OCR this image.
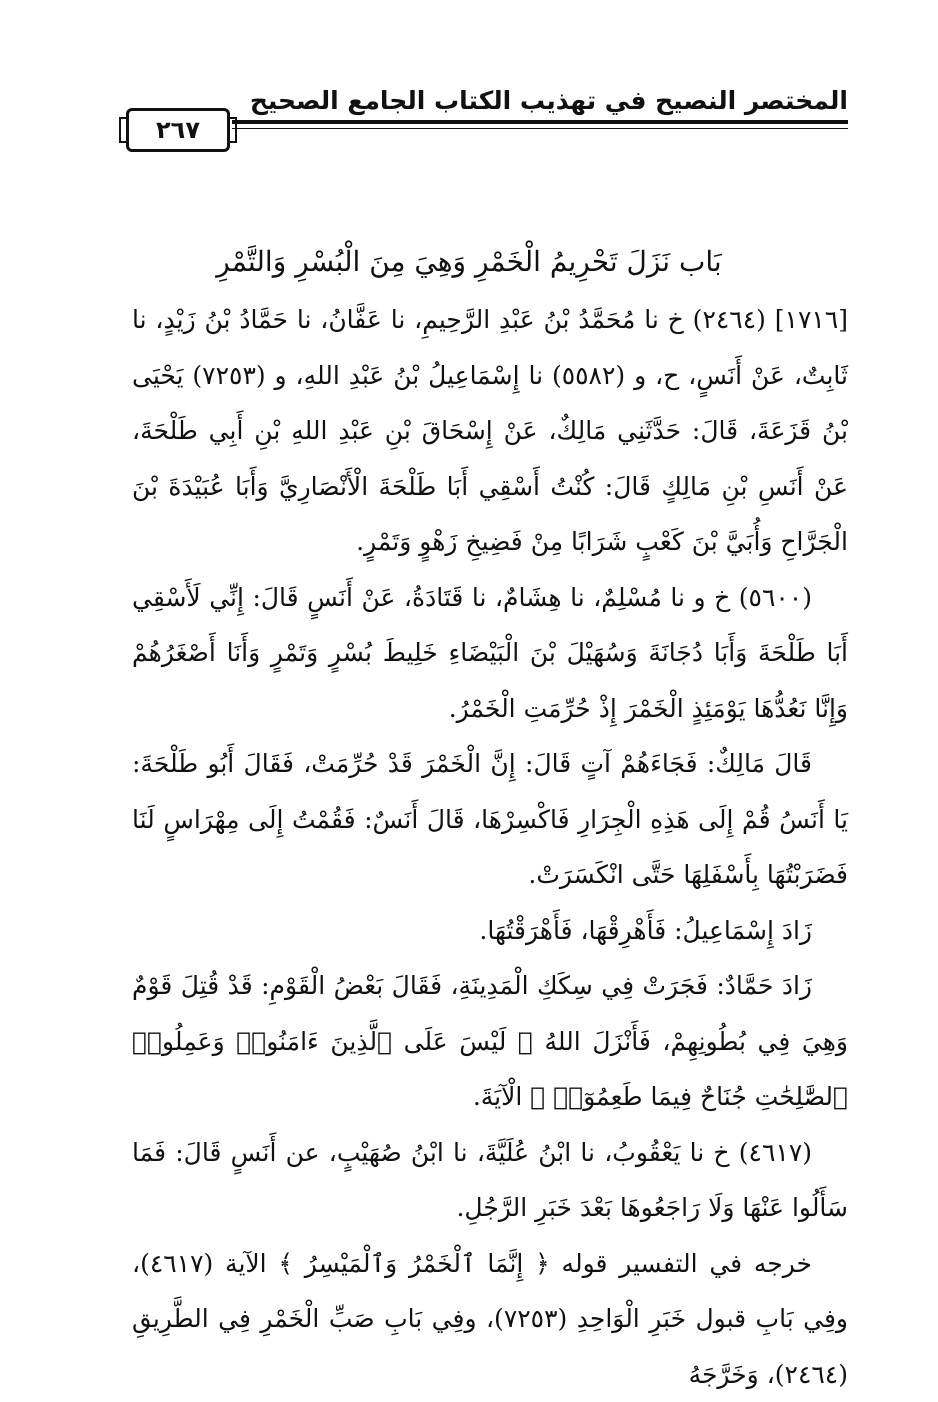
المختصر النصيح في تهذيب الكتاب الجامع الصحيح
٢٦٧
بَاب نَزَلَ تَحْرِيمُ الْخَمْرِ وَهِيَ مِنَ الْبُسْرِ وَالتَّمْرِ

[١٧١٦] (٢٤٦٤) خ نا مُحَمَّدُ بْنُ عَبْدِ الرَّحِيمِ، نا عَفَّانُ، نا حَمَّادُ بْنُ زَيْدٍ، نا ثَابِتٌ، عَنْ أَنَسٍ، ح، و (٥٥٨٢) نا إِسْمَاعِيلُ بْنُ عَبْدِ اللهِ، و (٧٢٥٣) يَحْيَى بْنُ قَزَعَةَ، قَالَ: حَدَّثَنِي مَالِكٌ، عَنْ إِسْحَاقَ بْنِ عَبْدِ اللهِ بْنِ أَبِي طَلْحَةَ، عَنْ أَنَسِ بْنِ مَالِكٍ قَالَ: كُنْتُ أَسْقِي أَبَا طَلْحَةَ الْأَنْصَارِيَّ وَأَبَا عُبَيْدَةَ بْنَ الْجَرَّاحِ وَأُبَيَّ بْنَ كَعْبٍ شَرَابًا مِنْ فَضِيخِ زَهْوٍ وَتَمْرٍ.

(٥٦٠٠) خ و نا مُسْلِمٌ، نا هِشَامٌ، نا قَتَادَةُ، عَنْ أَنَسٍ قَالَ: إِنِّي لَأَسْقِي أَبَا طَلْحَةَ وَأَبَا دُجَانَةَ وَسُهَيْلَ بْنَ الْبَيْضَاءِ خَلِيطَ بُسْرٍ وَتَمْرٍ وَأَنَا أَصْغَرُهُمْ وَإِنَّا نَعُدُّهَا يَوْمَئِذٍ الْخَمْرَ إِذْ حُرِّمَتِ الْخَمْرُ.

قَالَ مَالِكٌ: فَجَاءَهُمْ آتٍ قَالَ: إِنَّ الْخَمْرَ قَدْ حُرِّمَتْ، فَقَالَ أَبُو طَلْحَةَ: يَا أَنَسُ قُمْ إِلَى هَذِهِ الْجِرَارِ فَاكْسِرْهَا، قَالَ أَنَسٌ: فَقُمْتُ إِلَى مِهْرَاسٍ لَنَا فَضَرَبْتُهَا بِأَسْفَلِهَا حَتَّى انْكَسَرَتْ.

زَادَ إِسْمَاعِيلُ: فَأَهْرِقْهَا، فَأَهْرَقْتُهَا.

زَادَ حَمَّادٌ: فَجَرَتْ فِي سِكَكِ الْمَدِينَةِ، فَقَالَ بَعْضُ الْقَوْمِ: قَدْ قُتِلَ قَوْمٌ وَهِيَ فِي بُطُونِهِمْ، فَأَنْزَلَ اللهُ ﴿ لَيْسَ عَلَى ٱلَّذِينَ ءَامَنُوا۟ وَعَمِلُوا۟ ٱلصَّٰلِحَٰتِ جُنَاحٌ فِيمَا طَعِمُوٓا۟ ﴾ الْآيَةَ.

(٤٦١٧) خ نا يَعْقُوبُ، نا ابْنُ عُلَيَّةَ، نا ابْنُ صُهَيْبٍ، عن أَنَسٍ قَالَ: فَمَا سَأَلُوا عَنْهَا وَلَا رَاجَعُوهَا بَعْدَ خَبَرِ الرَّجُلِ.

خرجه في التفسير قوله ﴿ إِنَّمَا ٱلْخَمْرُ وَٱلْمَيْسِرُ ﴾ الآية (٤٦١٧)، وفِي بَابِ قبول خَبَرِ الْوَاحِدِ (٧٢٥٣)، وفِي بَابِ صَبِّ الْخَمْرِ فِي الطَّرِيقِ (٢٤٦٤)، وَخَرَّجَهُ
